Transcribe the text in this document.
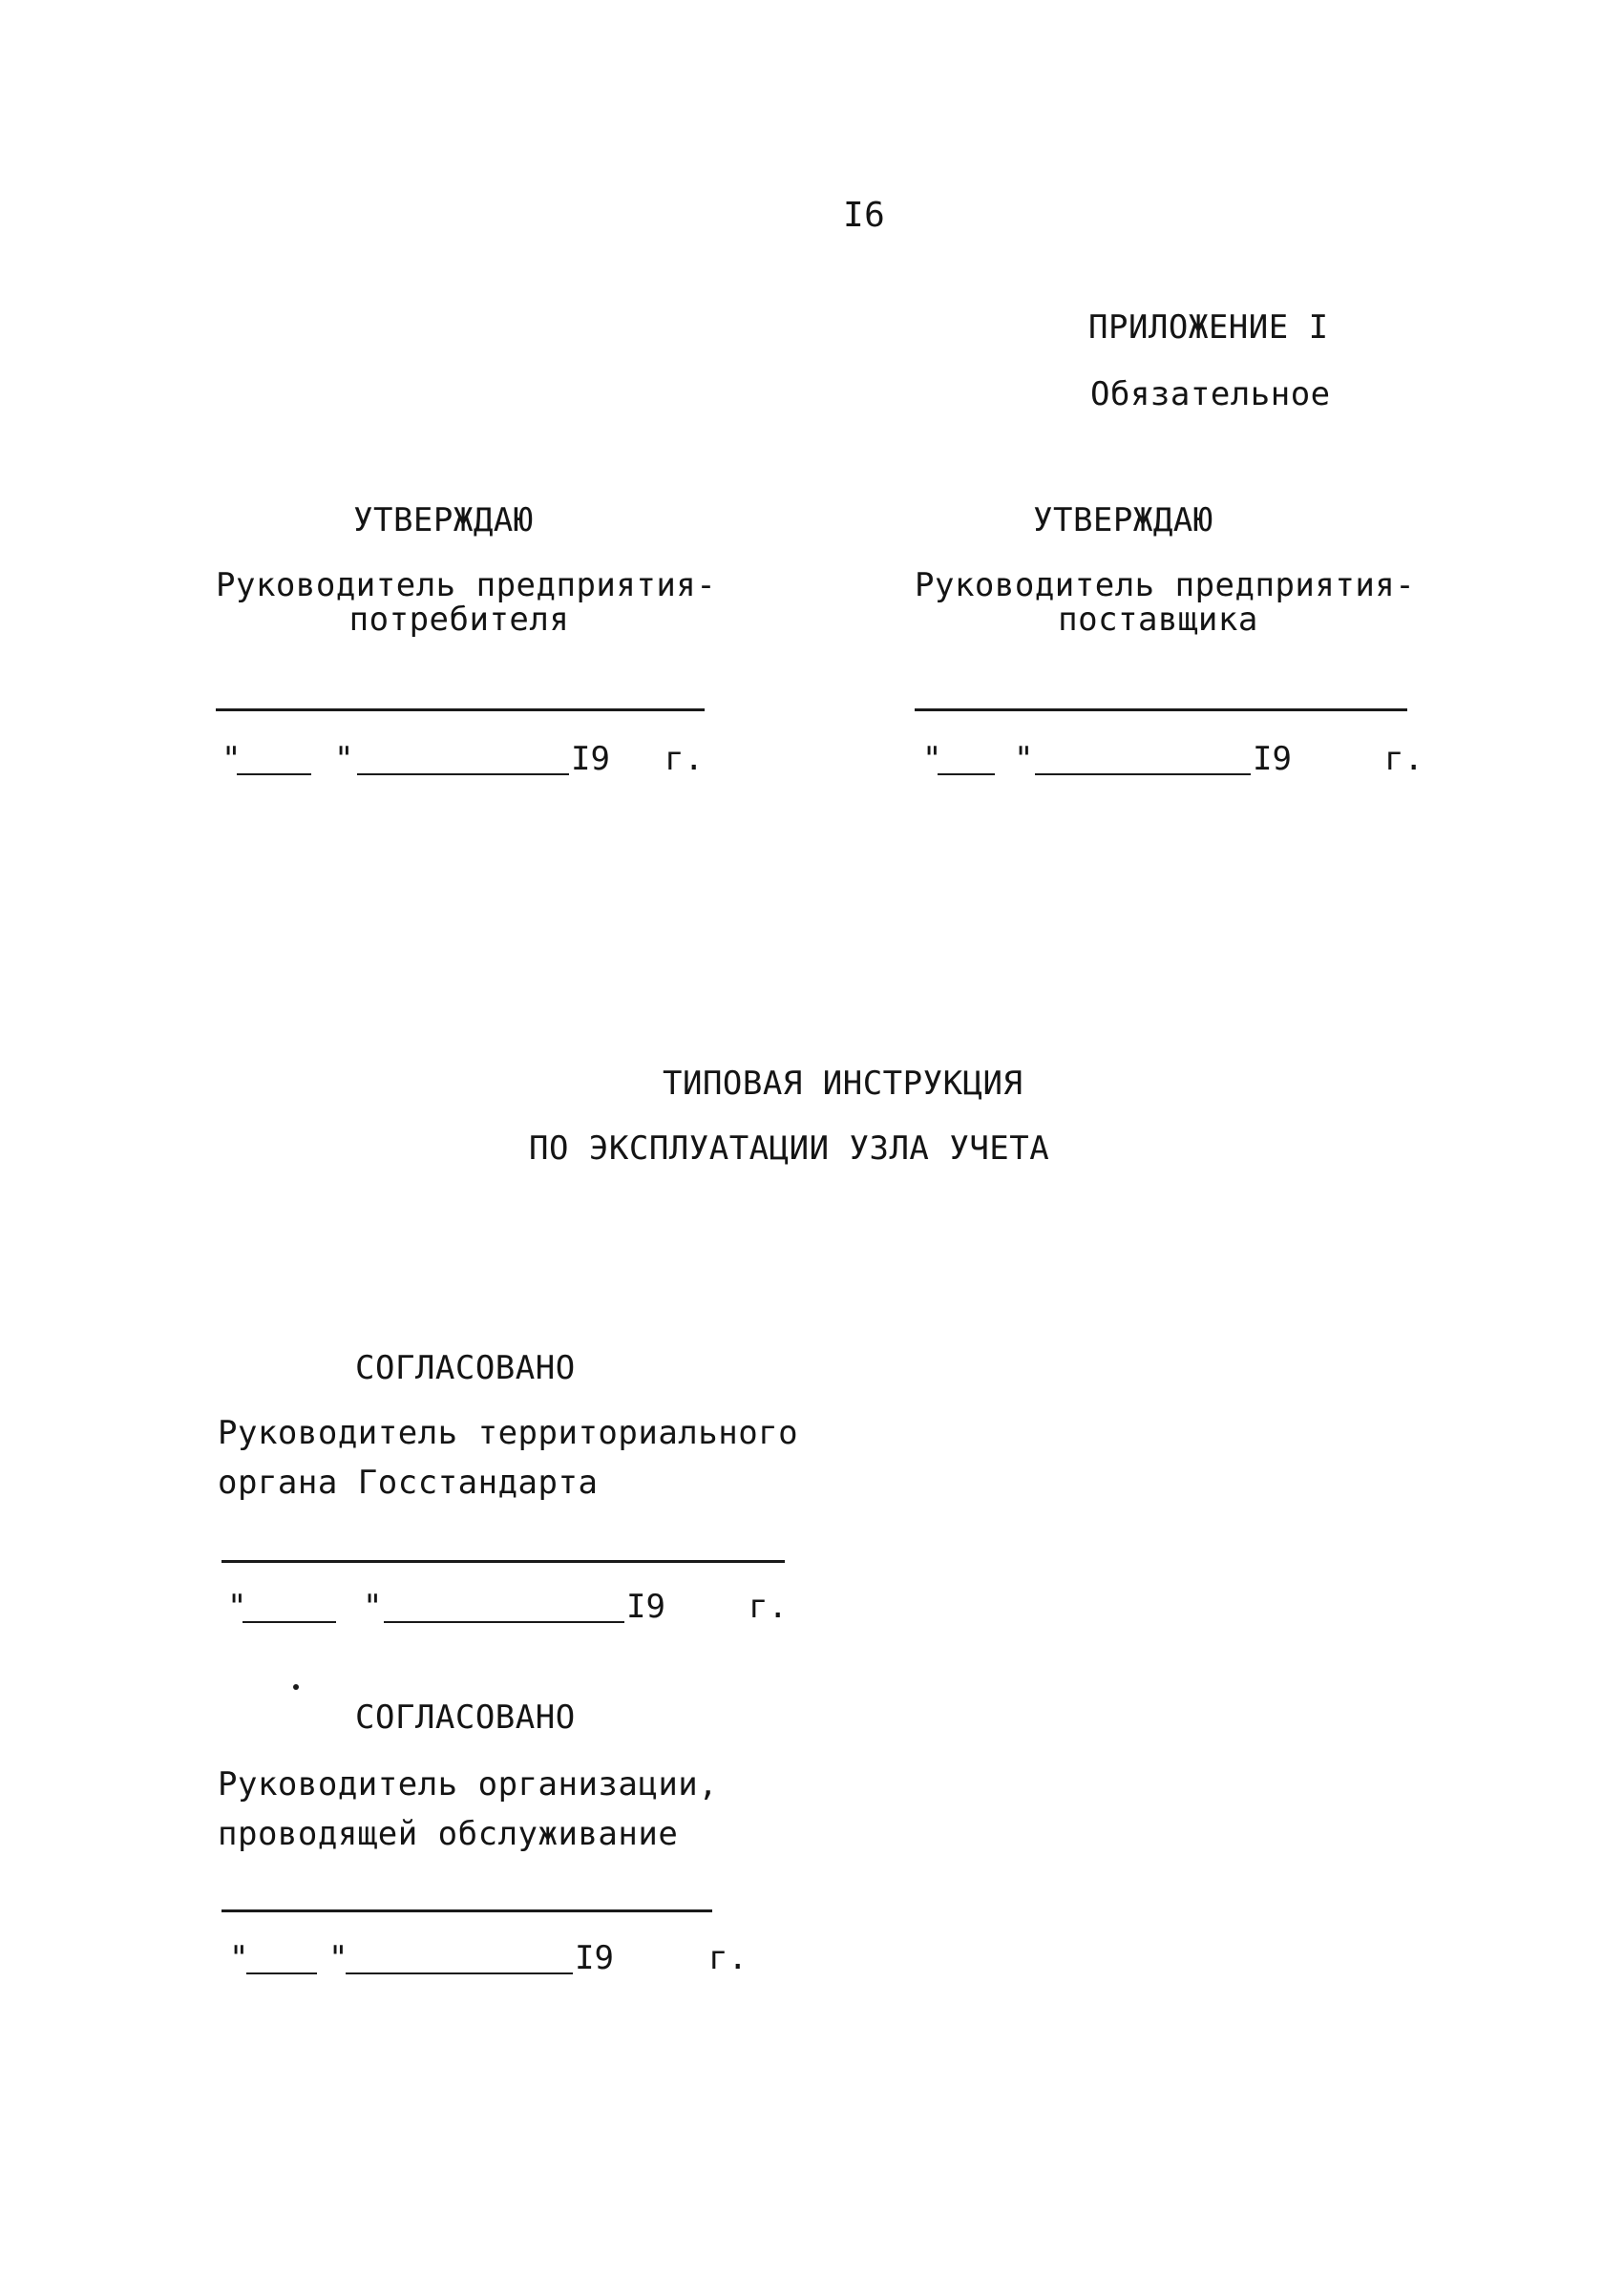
I6
ПРИЛОЖЕНИЕ I
Обязательное
УТВЕРЖДАЮ
Руководитель предприятия-
потребителя
"	"	I9 г.
УТВЕРЖДАЮ
Руководитель предприятия-
поставщика
" "	I9	г.
ТИПОВАЯ ИНСТРУКЦИЯ
ПО ЭКСПЛУАТАЦИИ УЗЛА УЧЕТА
СОГЛАСОВАНО
Руководитель территориального
органа Госстандарта
"	"	I9	г.
СОГЛАСОВАНО
Руководитель организации,
проводящей обслуживание
" "	I9	г.
